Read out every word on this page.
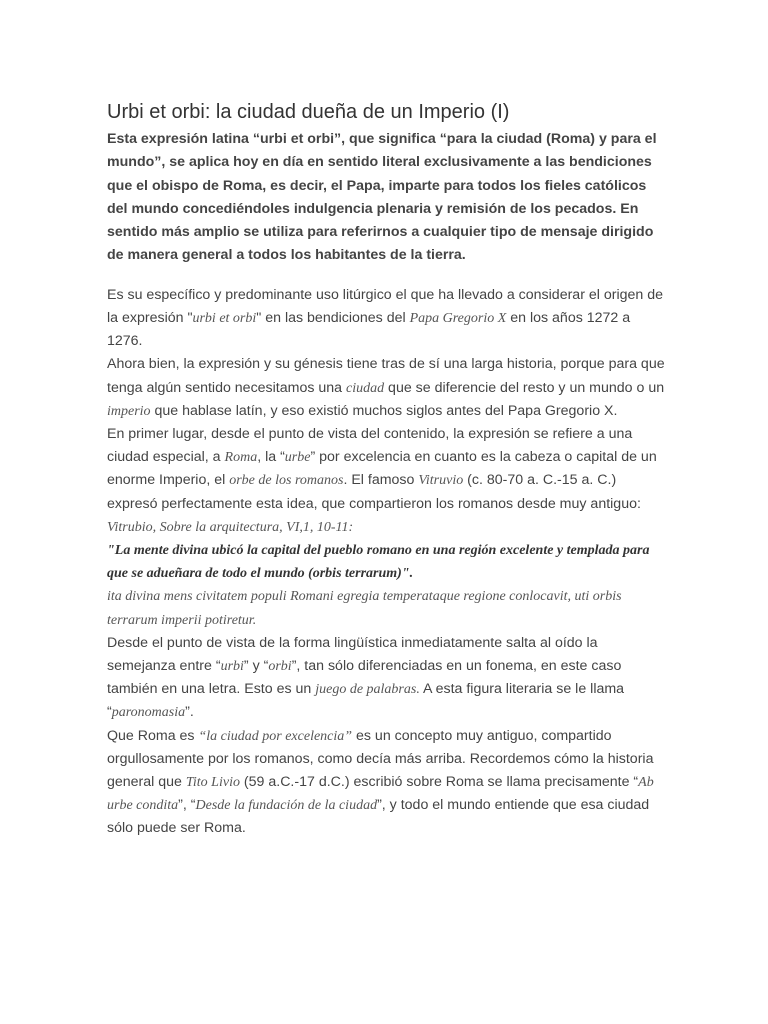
Urbi et orbi: la ciudad dueña de un Imperio (I)

Esta expresión latina “urbi et orbi”, que significa “para la ciudad (Roma) y para el mundo”, se aplica hoy en día en sentido literal exclusivamente a las bendiciones que el obispo de Roma, es decir, el Papa, imparte para todos los fieles católicos del mundo concediéndoles indulgencia plenaria y remisión de los pecados. En sentido más amplio se utiliza para referirnos a cualquier tipo de mensaje dirigido de manera general a todos los habitantes de la tierra.

Es su específico y predominante uso litúrgico el que ha llevado a considerar el origen de la expresión "urbi et orbi" en las bendiciones del Papa Gregorio X en los años 1272 a 1276.

Ahora bien, la expresión y su génesis tiene tras de sí una larga historia, porque para que tenga algún sentido necesitamos una ciudad que se diferencie del resto y un mundo o un imperio que hablase latín, y eso existió muchos siglos antes del Papa Gregorio X.

En primer lugar, desde el punto de vista del contenido, la expresión se refiere a una ciudad especial, a Roma, la “urbe” por excelencia en cuanto es la cabeza o capital de un enorme Imperio, el orbe de los romanos. El famoso Vitruvio (c. 80-70 a. C.-15 a. C.) expresó perfectamente esta idea, que compartieron los romanos desde muy antiguo:

Vitrubio, Sobre la arquitectura, VI,1, 10-11:

"La mente divina ubicó la capital del pueblo romano en una región excelente y templada para que se adueñara de todo el mundo (orbis terrarum)".

ita divina mens civitatem populi Romani egregia temperataque regione conlocavit, uti orbis terrarum imperii potiretur.

Desde el punto de vista de la forma lingüística inmediatamente salta al oído la semejanza entre “urbi” y “orbi”, tan sólo diferenciadas en un fonema, en este caso también en una letra. Esto es un juego de palabras. A esta figura literaria se le llama “paronomasia”.

Que Roma es “la ciudad por excelencia” es un concepto muy antiguo, compartido orgullosamente por los romanos, como decía más arriba. Recordemos cómo la historia general que Tito Livio (59 a.C.-17 d.C.) escribió sobre Roma se llama precisamente “Ab urbe condita”, “Desde la fundación de la ciudad”, y todo el mundo entiende que esa ciudad sólo puede ser Roma.
